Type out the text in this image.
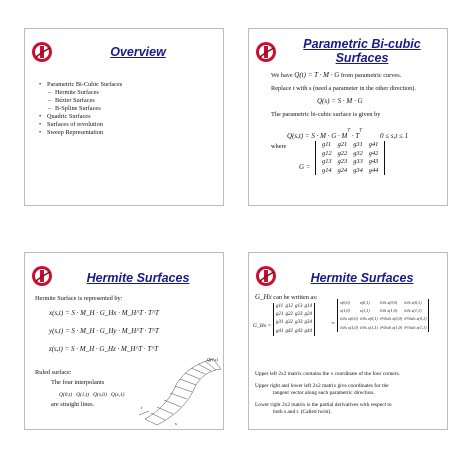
Overview
• Parametric Bi-Cubic Surfaces
– Hermite Surfaces
– Bézier Surfaces
– B-Spline Surfaces
• Quadric Surfaces
• Surfaces of revolution
• Sweep Representation
Parametric Bi-cubic
Surfaces
We have Q(t) = T · M · G from parametric curves.
Replace t with s (need a parameter in the other direction).
Q(s) = S · M · G
The parametric bi-cubic surface is given by
$Q(s,t) = S \cdot M \cdot G \cdot M^T \cdot T^T$ 0 ≤ s,t ≤ 1
where
G =
g11	g21	g31	g41
g12	g22	g32	g42
g13	g23	g33	g43
g14	g24	g34	g44
Hermite Surfaces
Hermite Surface is represented by:
x(s,t) = S · M_H · G_Hx · M_H^T · T^T
y(s,t) = S · M_H · G_Hy · M_H^T · T^T
z(s,t) = S · M_H · G_Hz · M_H^T · T^T
Ruled surface:
The four interpolants
Q(0,t) Q(1,t) Q(s,0) Q(s,1)
are straight lines.
Q(1,t)
s
t
Hermite Surfaces
G_Hx can be written as:
G_Hx =
g11	g12	g13	g14
g21	g22	g23	g24
g31	g32	g33	g34
g41	g42	g43	g44
=
x(0,0)	x(0,1)	∂/∂t x(0,0)	∂/∂t x(0,1)
x(1,0)	x(1,1)	∂/∂t x(1,0)	∂/∂t x(1,1)
∂/∂s x(0,0)	∂/∂s x(0,1)	∂²/∂s∂t x(0,0)	∂²/∂s∂t x(0,1)
∂/∂s x(1,0)	∂/∂s x(1,1)	∂²/∂s∂t x(1,0)	∂²/∂s∂t x(1,1)
Upper left 2x2 matrix contains the x coordinate of the four corners.
Upper right and lower left 2x2 matrix give coordinates for the
tangent vector along each parametric direction.
Lower right 2x2 matrix is the partial derivatives with respect to
both s and t. (Called twist).
